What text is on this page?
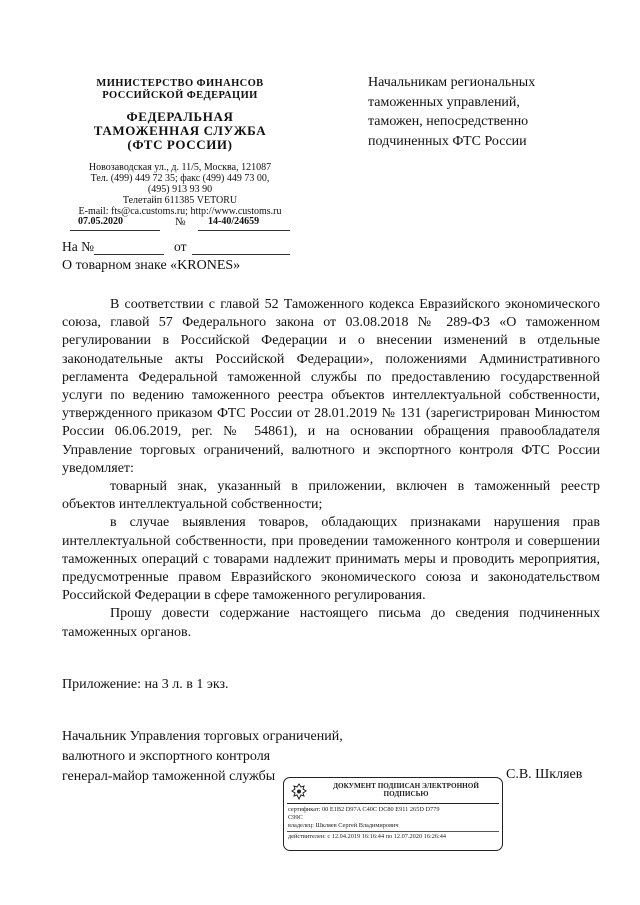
МИНИСТЕРСТВО ФИНАНСОВ
РОССИЙСКОЙ ФЕДЕРАЦИИ
ФЕДЕРАЛЬНАЯ
ТАМОЖЕННАЯ СЛУЖБА
(ФТС РОССИИ)
Новозаводская ул., д. 11/5, Москва, 121087
Тел. (499) 449 72 35; факс (499) 449 73 00,
(495) 913 93 90
Телетайп 611385 VETORU
E-mail: fts@ca.customs.ru; http://www.customs.ru
07.05.2020	№ 14-40/24659
На №	от
О товарном знаке «KRONES»
Начальникам региональных
таможенных управлений,
таможен, непосредственно
подчиненных ФТС России

В соответствии с главой 52 Таможенного кодекса Евразийского экономического союза, главой 57 Федерального закона от 03.08.2018 № 289-ФЗ «О таможенном регулировании в Российской Федерации и о внесении изменений в отдельные законодательные акты Российской Федерации», положениями Административного регламента Федеральной таможенной службы по предоставлению государственной услуги по ведению таможенного реестра объектов интеллектуальной собственности, утвержденного приказом ФТС России от 28.01.2019 № 131 (зарегистрирован Минюстом России 06.06.2019, рег. № 54861), и на основании обращения правообладателя Управление торговых ограничений, валютного и экспортного контроля ФТС России уведомляет:

товарный знак, указанный в приложении, включен в таможенный реестр объектов интеллектуальной собственности;

в случае выявления товаров, обладающих признаками нарушения прав интеллектуальной собственности, при проведении таможенного контроля и совершении таможенных операций с товарами надлежит принимать меры и проводить мероприятия, предусмотренные правом Евразийского экономического союза и законодательством Российской Федерации в сфере таможенного регулирования.

Прошу довести содержание настоящего письма до сведения подчиненных таможенных органов.

Приложение: на 3 л. в 1 экз.
Начальник Управления торговых ограничений,
валютного и экспортного контроля
генерал-майор таможенной службы	С.В. Шкляев
ДОКУМЕНТ ПОДПИСАН ЭЛЕКТРОННОЙ
ПОДПИСЬЮ
сертификат: 00 E1B2 D97A C40C DC80 E911 265D D779
C99C
владелец: Шкляев Сергей Владимирович
действителен: с 12.04.2019 16:16:44 по 12.07.2020 16:26:44
